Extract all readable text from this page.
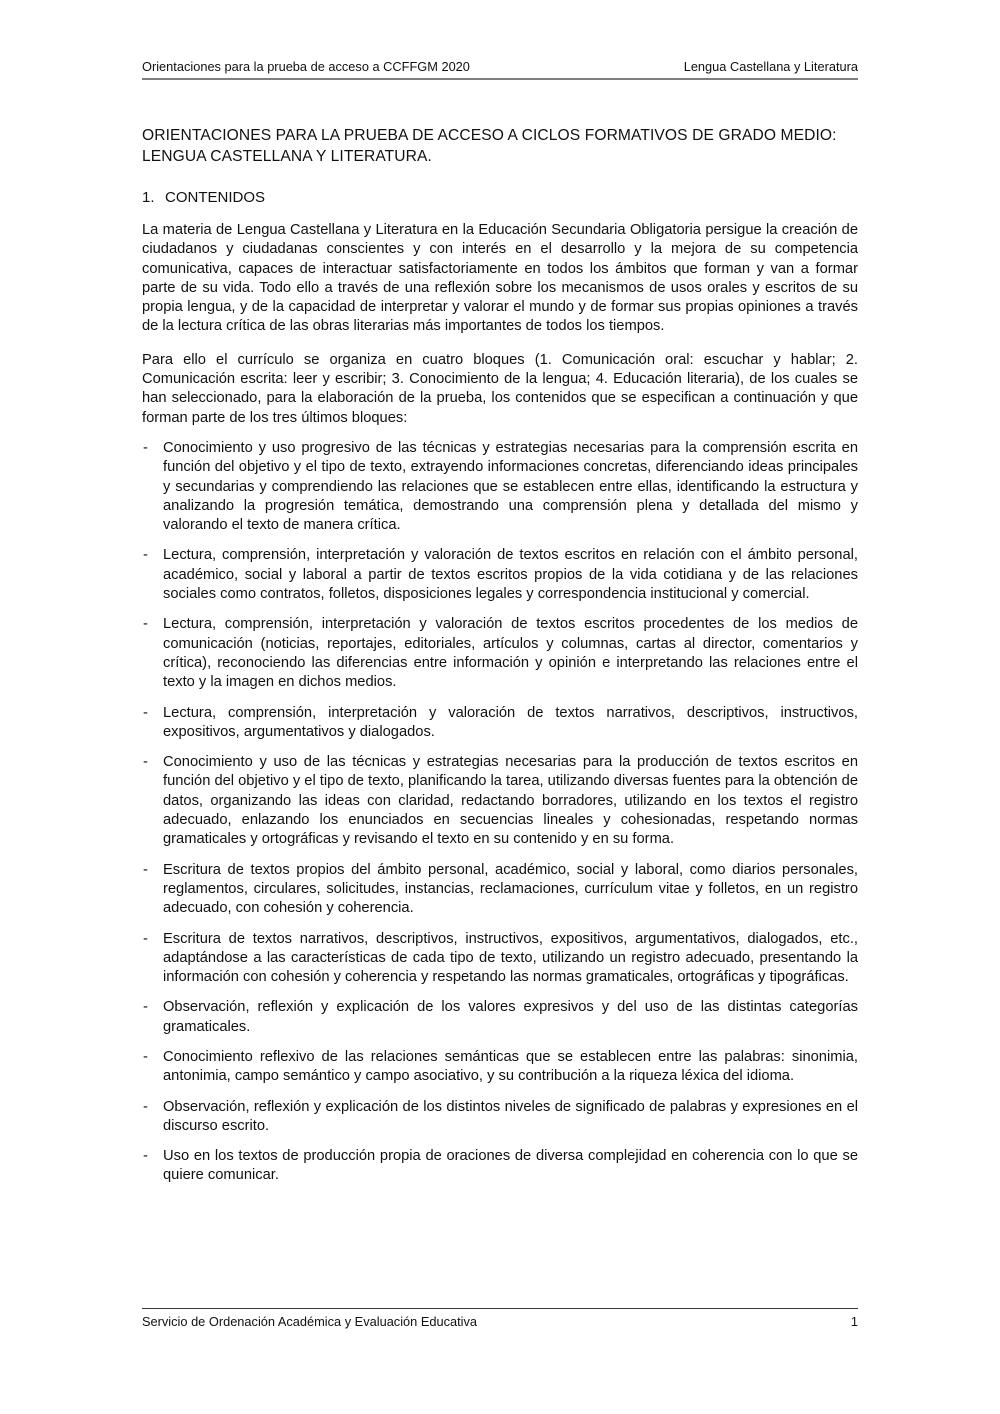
Orientaciones para la prueba de acceso a CCFFGM 2020	Lengua Castellana y Literatura

ORIENTACIONES PARA LA PRUEBA DE ACCESO A CICLOS FORMATIVOS DE GRADO MEDIO: LENGUA CASTELLANA Y LITERATURA.

1. CONTENIDOS

La materia de Lengua Castellana y Literatura en la Educación Secundaria Obligatoria persigue la creación de ciudadanos y ciudadanas conscientes y con interés en el desarrollo y la mejora de su competencia comunicativa, capaces de interactuar satisfactoriamente en todos los ámbitos que forman y van a formar parte de su vida. Todo ello a través de una reflexión sobre los mecanismos de usos orales y escritos de su propia lengua, y de la capacidad de interpretar y valorar el mundo y de formar sus propias opiniones a través de la lectura crítica de las obras literarias más importantes de todos los tiempos.

Para ello el currículo se organiza en cuatro bloques (1. Comunicación oral: escuchar y hablar; 2. Comunicación escrita: leer y escribir; 3. Conocimiento de la lengua; 4. Educación literaria), de los cuales se han seleccionado, para la elaboración de la prueba, los contenidos que se especifican a continuación y que forman parte de los tres últimos bloques:

- Conocimiento y uso progresivo de las técnicas y estrategias necesarias para la comprensión escrita en función del objetivo y el tipo de texto, extrayendo informaciones concretas, diferenciando ideas principales y secundarias y comprendiendo las relaciones que se establecen entre ellas, identificando la estructura y analizando la progresión temática, demostrando una comprensión plena y detallada del mismo y valorando el texto de manera crítica.
- Lectura, comprensión, interpretación y valoración de textos escritos en relación con el ámbito personal, académico, social y laboral a partir de textos escritos propios de la vida cotidiana y de las relaciones sociales como contratos, folletos, disposiciones legales y correspondencia institucional y comercial.
- Lectura, comprensión, interpretación y valoración de textos escritos procedentes de los medios de comunicación (noticias, reportajes, editoriales, artículos y columnas, cartas al director, comentarios y crítica), reconociendo las diferencias entre información y opinión e interpretando las relaciones entre el texto y la imagen en dichos medios.
- Lectura, comprensión, interpretación y valoración de textos narrativos, descriptivos, instructivos, expositivos, argumentativos y dialogados.
- Conocimiento y uso de las técnicas y estrategias necesarias para la producción de textos escritos en función del objetivo y el tipo de texto, planificando la tarea, utilizando diversas fuentes para la obtención de datos, organizando las ideas con claridad, redactando borradores, utilizando en los textos el registro adecuado, enlazando los enunciados en secuencias lineales y cohesionadas, respetando normas gramaticales y ortográficas y revisando el texto en su contenido y en su forma.
- Escritura de textos propios del ámbito personal, académico, social y laboral, como diarios personales, reglamentos, circulares, solicitudes, instancias, reclamaciones, currículum vitae y folletos, en un registro adecuado, con cohesión y coherencia.
- Escritura de textos narrativos, descriptivos, instructivos, expositivos, argumentativos, dialogados, etc., adaptándose a las características de cada tipo de texto, utilizando un registro adecuado, presentando la información con cohesión y coherencia y respetando las normas gramaticales, ortográficas y tipográficas.
- Observación, reflexión y explicación de los valores expresivos y del uso de las distintas categorías gramaticales.
- Conocimiento reflexivo de las relaciones semánticas que se establecen entre las palabras: sinonimia, antonimia, campo semántico y campo asociativo, y su contribución a la riqueza léxica del idioma.
- Observación, reflexión y explicación de los distintos niveles de significado de palabras y expresiones en el discurso escrito.
- Uso en los textos de producción propia de oraciones de diversa complejidad en coherencia con lo que se quiere comunicar.
Servicio de Ordenación Académica y Evaluación Educativa	1
